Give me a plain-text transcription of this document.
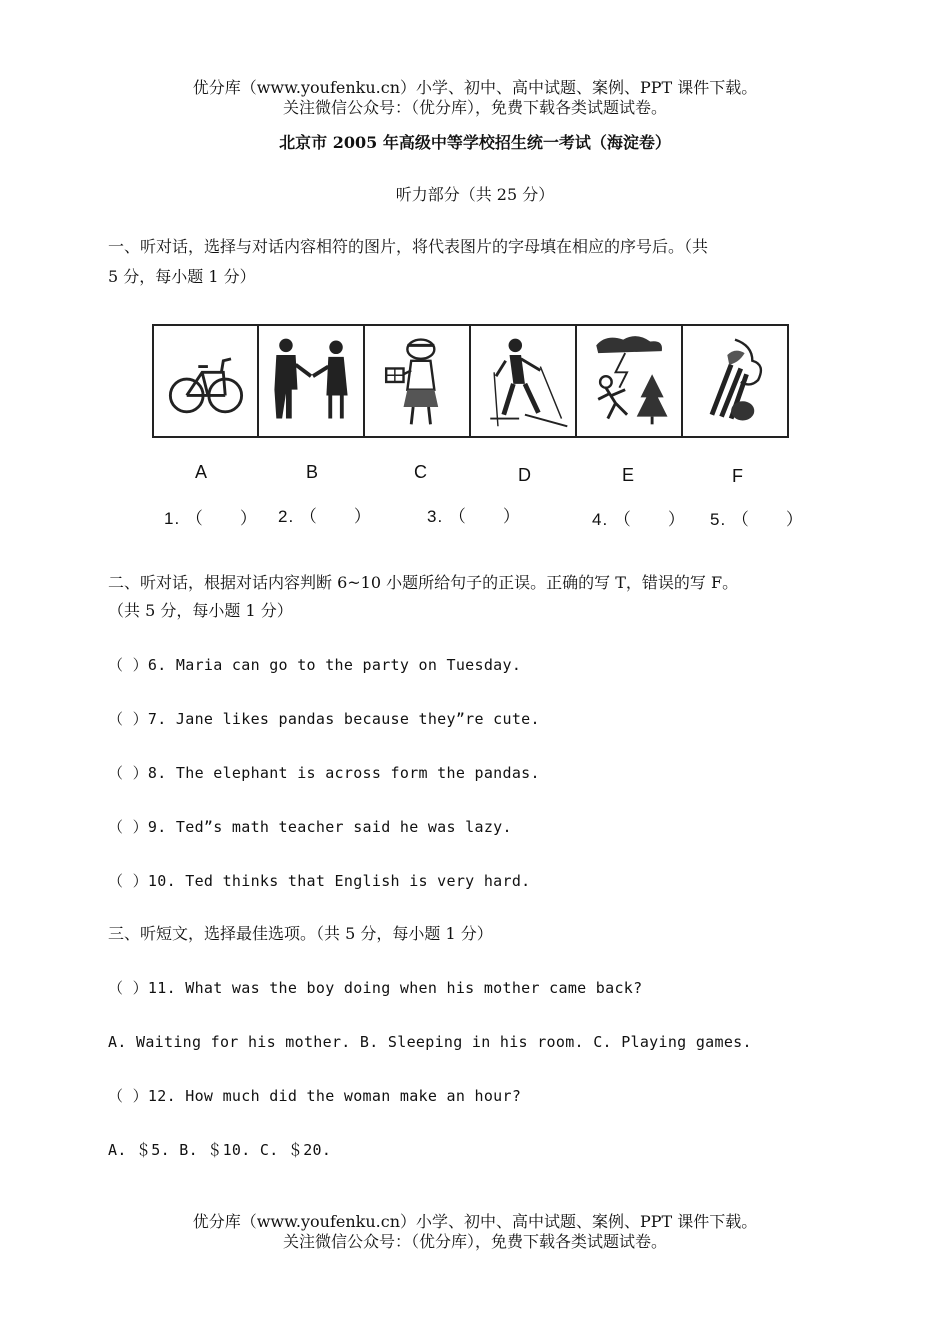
优分库（www.youfenku.cn）小学、初中、高中试题、案例、PPT 课件下载。
关注微信公众号：（优分库），免费下载各类试题试卷。
北京市 2005 年高级中等学校招生统一考试（海淀卷）
听力部分（共 25 分）
一、听对话，选择与对话内容相符的图片，将代表图片的字母填在相应的序号后。（共
5 分，每小题 1 分）
A	B	C	D	E	F
1. （　　） 2. （　　）	3. （　　）	4. （　　） 5. （　　）
二、听对话，根据对话内容判断 6~10 小题所给句子的正误。正确的写 T，错误的写 F。
（共 5 分，每小题 1 分）
（ ）6. Maria can go to the party on Tuesday.
（ ）7. Jane likes pandas because they”re cute.
（ ）8. The elephant is across form the pandas.
（ ）9. Ted”s math teacher said he was lazy.
（ ）10. Ted thinks that English is very hard.
三、听短文，选择最佳选项。（共 5 分，每小题 1 分）
（ ）11. What was the boy doing when his mother came back?
A. Waiting for his mother. B. Sleeping in his room. C. Playing games.
（ ）12. How much did the woman make an hour?
A. ＄5. B. ＄10. C. ＄20.
优分库（www.youfenku.cn）小学、初中、高中试题、案例、PPT 课件下载。
关注微信公众号：（优分库），免费下载各类试题试卷。
